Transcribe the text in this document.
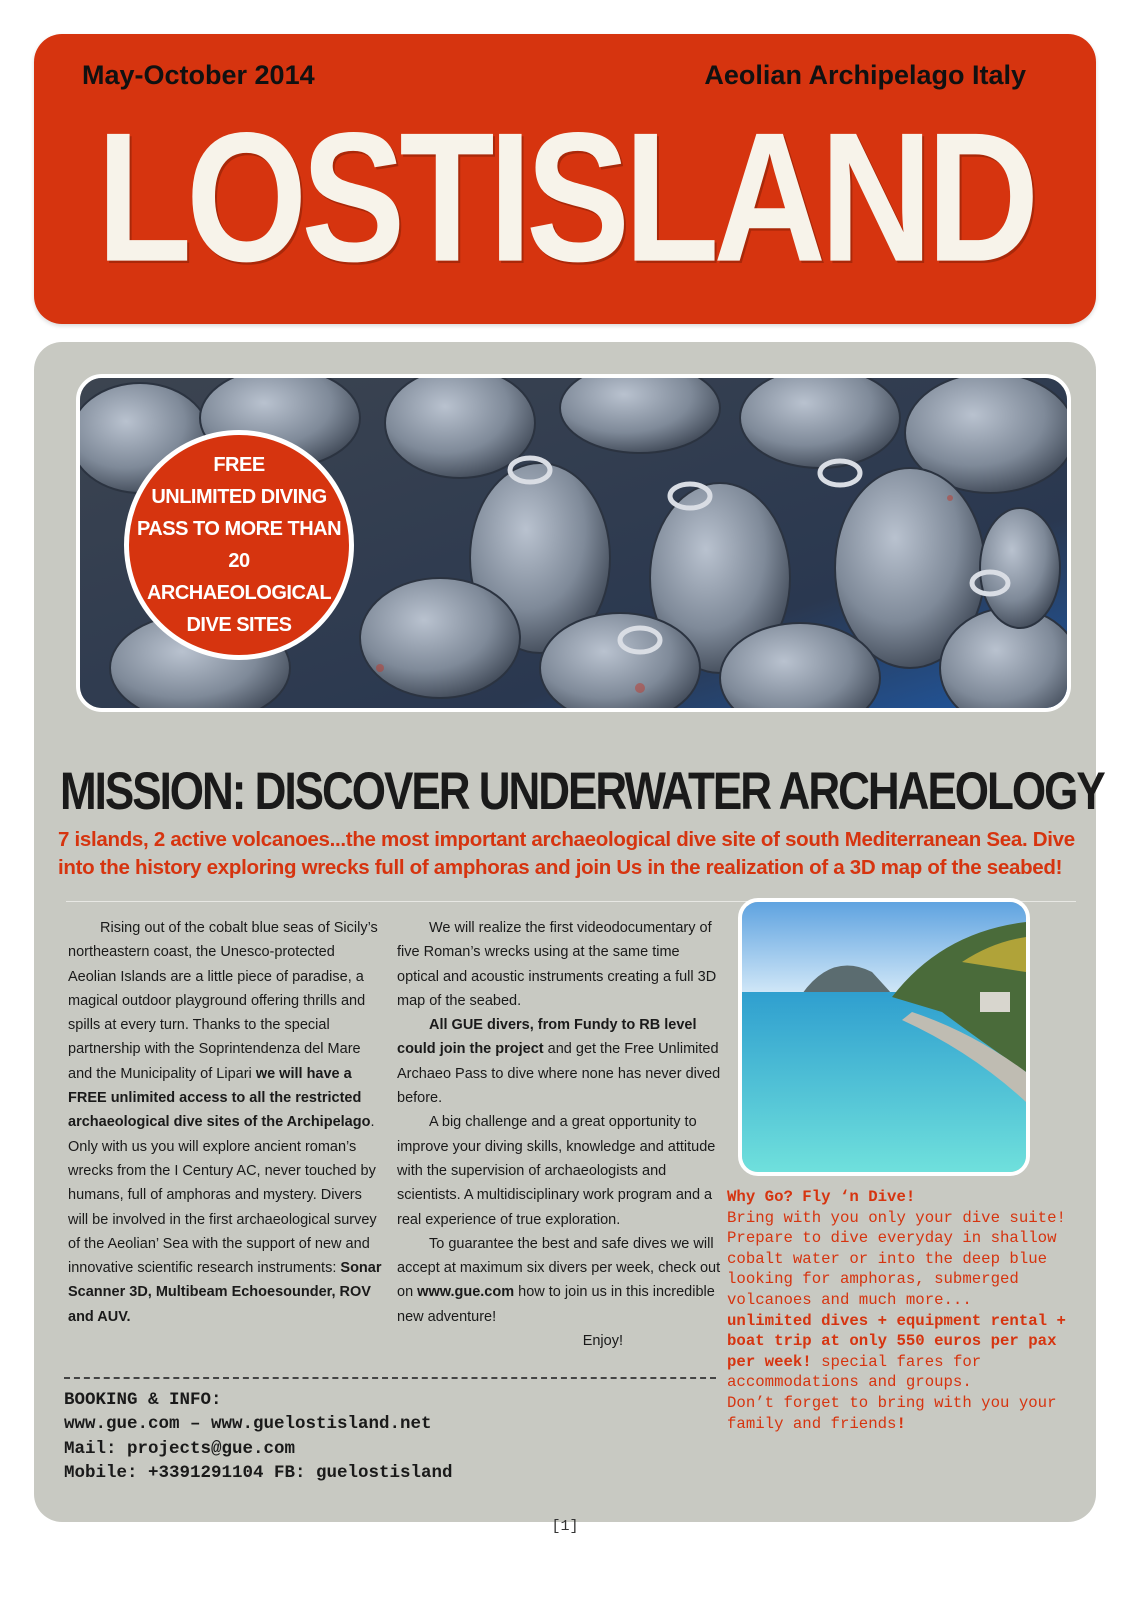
May-October 2014	Aeolian Archipelago Italy
LOSTISLAND
FREE
UNLIMITED DIVING
PASS TO MORE THAN 20
ARCHAEOLOGICAL
DIVE SITES
MISSION: DISCOVER UNDERWATER ARCHAEOLOGY
7 islands, 2 active volcanoes...the most important archaeological dive site of south Mediterranean Sea. Dive into the history exploring wrecks full of amphoras and join Us in the realization of a 3D map of the seabed!

Rising out of the cobalt blue seas of Sicily’s northeastern coast, the Unesco-protected Aeolian Islands are a little piece of paradise, a magical outdoor playground offering thrills and spills at every turn. Thanks to the special partnership with the Soprintendenza del Mare and the Municipality of Lipari we will have a FREE unlimited access to all the restricted archaeological dive sites of the Archipelago. Only with us you will explore ancient roman’s wrecks from the I Century AC, never touched by humans, full of amphoras and mystery. Divers will be involved in the first archaeological survey of the Aeolian’ Sea with the support of new and innovative scientific research instruments: Sonar Scanner 3D, Multibeam Echoesounder, ROV and AUV.

We will realize the first videodocumentary of five Roman’s wrecks using at the same time optical and acoustic instruments creating a full 3D map of the seabed.

All GUE divers, from Fundy to RB level could join the project and get the Free Unlimited Archaeo Pass to dive where none has never dived before.

A big challenge and a great opportunity to improve your diving skills, knowledge and attitude with the supervision of archaeologists and scientists. A multidisciplinary work program and a real experience of true exploration.

To guarantee the best and safe dives we will accept at maximum six divers per week, check out on www.gue.com how to join us in this incredible new adventure!

Enjoy!

Why Go? Fly ‘n Dive!
Bring with you only your dive suite! Prepare to dive everyday in shallow cobalt water or into the deep blue looking for amphoras, submerged volcanoes and much more...
unlimited dives + equipment rental + boat trip at only 550 euros per pax per week! special fares for accommodations and groups.
Don’t forget to bring with you your family and friends!
BOOKING & INFO:
www.gue.com – www.guelostisland.net
Mail: projects@gue.com
Mobile: +3391291104 FB: guelostisland
[1]
